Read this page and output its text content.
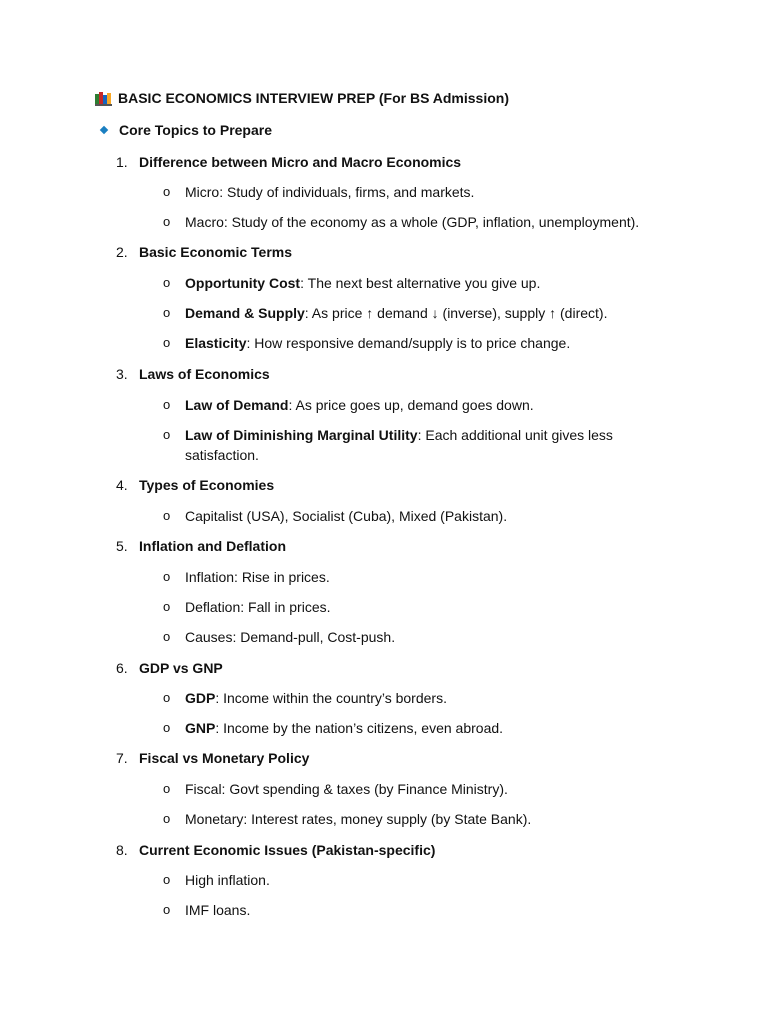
BASIC ECONOMICS INTERVIEW PREP (For BS Admission)
Core Topics to Prepare
1. Difference between Micro and Macro Economics
o Micro: Study of individuals, firms, and markets.
o Macro: Study of the economy as a whole (GDP, inflation, unemployment).
2. Basic Economic Terms
o Opportunity Cost: The next best alternative you give up.
o Demand & Supply: As price ↑ demand ↓ (inverse), supply ↑ (direct).
o Elasticity: How responsive demand/supply is to price change.
3. Laws of Economics
o Law of Demand: As price goes up, demand goes down.
o Law of Diminishing Marginal Utility: Each additional unit gives less satisfaction.
4. Types of Economies
o Capitalist (USA), Socialist (Cuba), Mixed (Pakistan).
5. Inflation and Deflation
o Inflation: Rise in prices.
o Deflation: Fall in prices.
o Causes: Demand-pull, Cost-push.
6. GDP vs GNP
o GDP: Income within the country’s borders.
o GNP: Income by the nation’s citizens, even abroad.
7. Fiscal vs Monetary Policy
o Fiscal: Govt spending & taxes (by Finance Ministry).
o Monetary: Interest rates, money supply (by State Bank).
8. Current Economic Issues (Pakistan-specific)
o High inflation.
o IMF loans.
